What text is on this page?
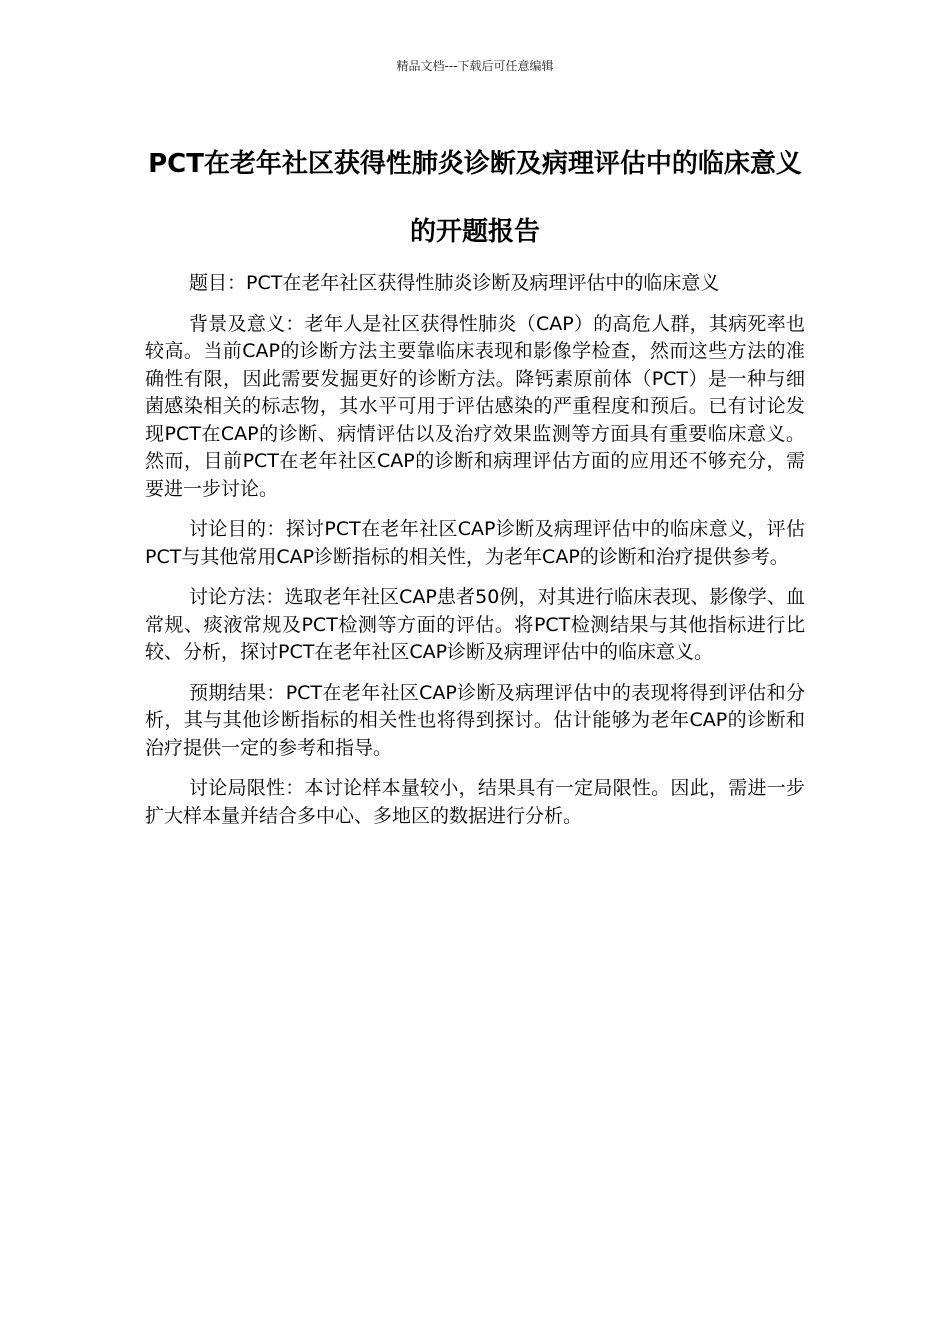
精品文档---下载后可任意编辑
PCT在老年社区获得性肺炎诊断及病理评估中的临床意义的开题报告

题目：PCT在老年社区获得性肺炎诊断及病理评估中的临床意义

背景及意义：老年人是社区获得性肺炎（CAP）的高危人群，其病死率也较高。当前CAP的诊断方法主要靠临床表现和影像学检查，然而这些方法的准确性有限，因此需要发掘更好的诊断方法。降钙素原前体（PCT）是一种与细菌感染相关的标志物，其水平可用于评估感染的严重程度和预后。已有讨论发现PCT在CAP的诊断、病情评估以及治疗效果监测等方面具有重要临床意义。然而，目前PCT在老年社区CAP的诊断和病理评估方面的应用还不够充分，需要进一步讨论。

讨论目的：探讨PCT在老年社区CAP诊断及病理评估中的临床意义，评估PCT与其他常用CAP诊断指标的相关性，为老年CAP的诊断和治疗提供参考。

讨论方法：选取老年社区CAP患者50例，对其进行临床表现、影像学、血常规、痰液常规及PCT检测等方面的评估。将PCT检测结果与其他指标进行比较、分析，探讨PCT在老年社区CAP诊断及病理评估中的临床意义。

预期结果：PCT在老年社区CAP诊断及病理评估中的表现将得到评估和分析，其与其他诊断指标的相关性也将得到探讨。估计能够为老年CAP的诊断和治疗提供一定的参考和指导。

讨论局限性：本讨论样本量较小，结果具有一定局限性。因此，需进一步扩大样本量并结合多中心、多地区的数据进行分析。
